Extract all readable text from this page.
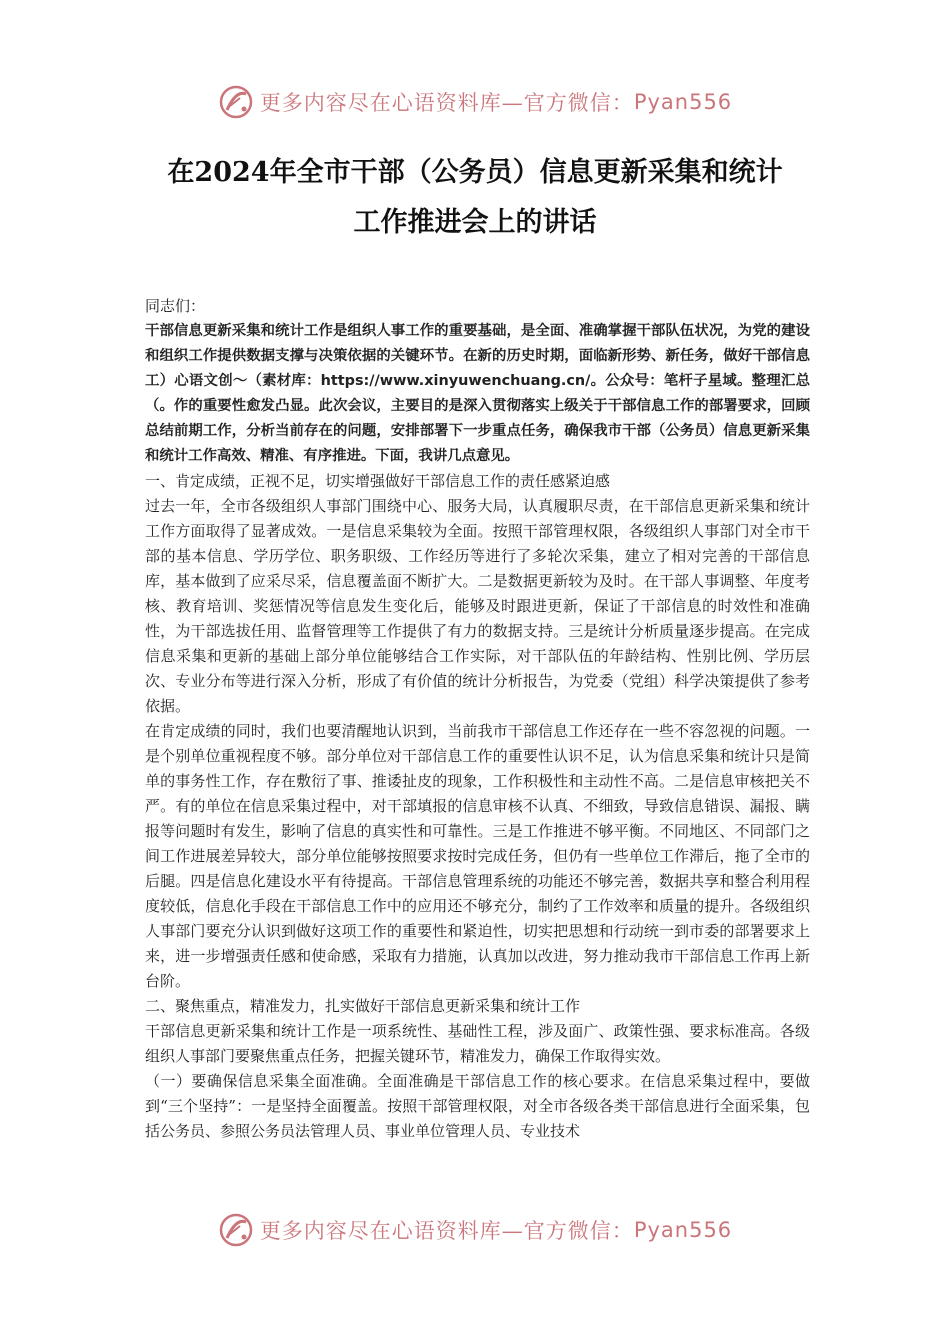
更多内容尽在心语资料库—官方微信： Pyan556
在2024年全市干部（公务员）信息更新采集和统计
工作推进会上的讲话

同志们：

干部信息更新采集和统计工作是组织人事工作的重要基础，是全面、准确掌握干部队伍状况，为党的建设和组织工作提供数据支撑与决策依据的关键环节。在新的历史时期，面临新形势、新任务，做好干部信息工）心语文创～（素材库：https://www.xinyuwenchuang.cn/。公众号：笔杆子星域。整理汇总（。作的重要性愈发凸显。此次会议，主要目的是深入贯彻落实上级关于干部信息工作的部署要求，回顾总结前期工作，分析当前存在的问题，安排部署下一步重点任务，确保我市干部（公务员）信息更新采集和统计工作高效、精准、有序推进。下面，我讲几点意见。

一、肯定成绩，正视不足，切实增强做好干部信息工作的责任感紧迫感

过去一年，全市各级组织人事部门围绕中心、服务大局，认真履职尽责，在干部信息更新采集和统计工作方面取得了显著成效。一是信息采集较为全面。按照干部管理权限，各级组织人事部门对全市干部的基本信息、学历学位、职务职级、工作经历等进行了多轮次采集，建立了相对完善的干部信息库，基本做到了应采尽采，信息覆盖面不断扩大。二是数据更新较为及时。在干部人事调整、年度考核、教育培训、奖惩情况等信息发生变化后，能够及时跟进更新，保证了干部信息的时效性和准确性，为干部选拔任用、监督管理等工作提供了有力的数据支持。三是统计分析质量逐步提高。在完成信息采集和更新的基础上部分单位能够结合工作实际，对干部队伍的年龄结构、性别比例、学历层次、专业分布等进行深入分析，形成了有价值的统计分析报告，为党委（党组）科学决策提供了参考依据。

在肯定成绩的同时，我们也要清醒地认识到，当前我市干部信息工作还存在一些不容忽视的问题。一是个别单位重视程度不够。部分单位对干部信息工作的重要性认识不足，认为信息采集和统计只是简单的事务性工作，存在敷衍了事、推诿扯皮的现象，工作积极性和主动性不高。二是信息审核把关不严。有的单位在信息采集过程中，对干部填报的信息审核不认真、不细致，导致信息错误、漏报、瞒报等问题时有发生，影响了信息的真实性和可靠性。三是工作推进不够平衡。不同地区、不同部门之间工作进展差异较大，部分单位能够按照要求按时完成任务，但仍有一些单位工作滞后，拖了全市的后腿。四是信息化建设水平有待提高。干部信息管理系统的功能还不够完善，数据共享和整合利用程度较低，信息化手段在干部信息工作中的应用还不够充分，制约了工作效率和质量的提升。各级组织人事部门要充分认识到做好这项工作的重要性和紧迫性，切实把思想和行动统一到市委的部署要求上来，进一步增强责任感和使命感，采取有力措施，认真加以改进，努力推动我市干部信息工作再上新台阶。

二、聚焦重点，精准发力，扎实做好干部信息更新采集和统计工作

干部信息更新采集和统计工作是一项系统性、基础性工程，涉及面广、政策性强、要求标准高。各级组织人事部门要聚焦重点任务，把握关键环节，精准发力，确保工作取得实效。

（一）要确保信息采集全面准确。全面准确是干部信息工作的核心要求。在信息采集过程中，要做到“三个坚持”：一是坚持全面覆盖。按照干部管理权限，对全市各级各类干部信息进行全面采集，包括公务员、参照公务员法管理人员、事业单位管理人员、专业技术

更多内容尽在心语资料库—官方微信： Pyan556
